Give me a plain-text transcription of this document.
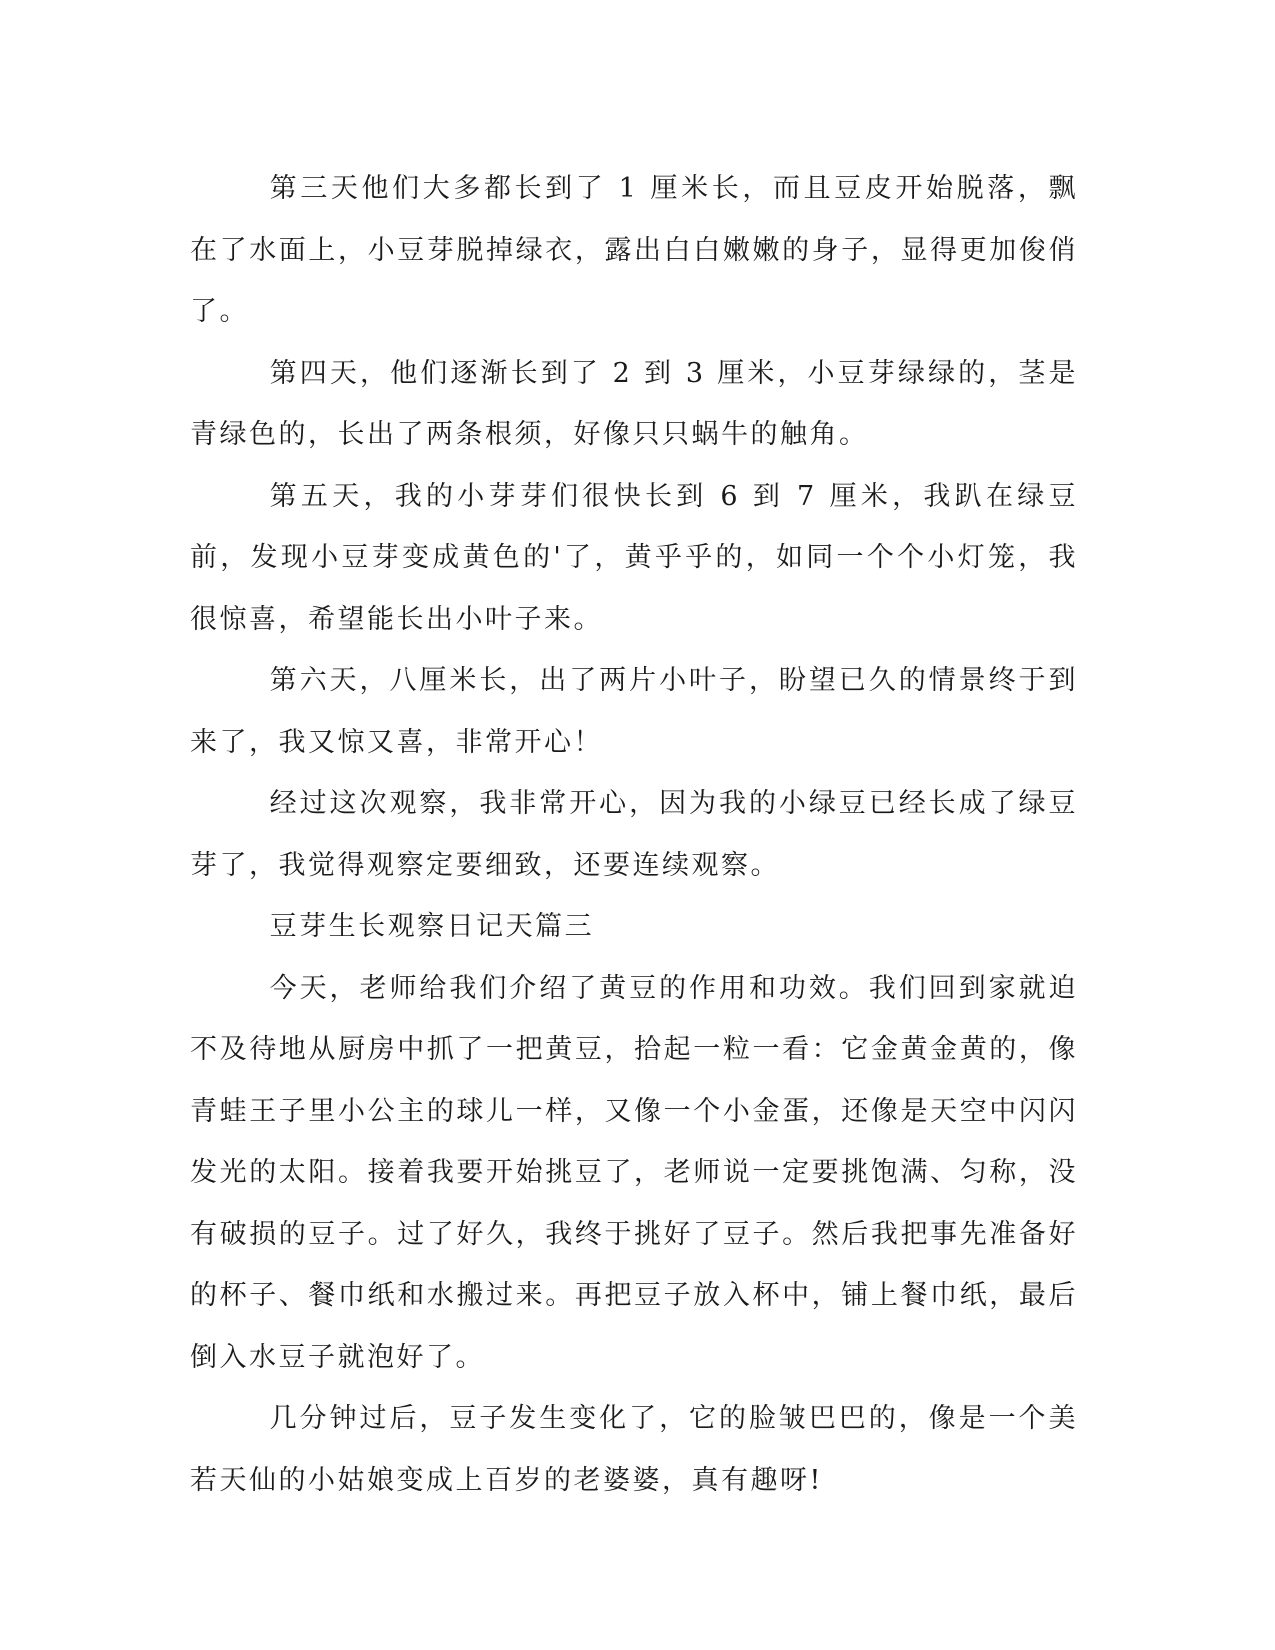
第三天他们大多都长到了 1 厘米长，而且豆皮开始脱落，飘在了水面上，小豆芽脱掉绿衣，露出白白嫩嫩的身子，显得更加俊俏了。

第四天，他们逐渐长到了 2 到 3 厘米，小豆芽绿绿的，茎是青绿色的，长出了两条根须，好像只只蜗牛的触角。

第五天，我的小芽芽们很快长到 6 到 7 厘米，我趴在绿豆前，发现小豆芽变成黄色的'了，黄乎乎的，如同一个个小灯笼，我很惊喜，希望能长出小叶子来。

第六天，八厘米长，出了两片小叶子，盼望已久的情景终于到来了，我又惊又喜，非常开心！

经过这次观察，我非常开心，因为我的小绿豆已经长成了绿豆芽了，我觉得观察定要细致，还要连续观察。

豆芽生长观察日记天篇三

今天，老师给我们介绍了黄豆的作用和功效。我们回到家就迫不及待地从厨房中抓了一把黄豆，拾起一粒一看：它金黄金黄的，像青蛙王子里小公主的球儿一样，又像一个小金蛋，还像是天空中闪闪发光的太阳。接着我要开始挑豆了，老师说一定要挑饱满、匀称，没有破损的豆子。过了好久，我终于挑好了豆子。然后我把事先准备好的杯子、餐巾纸和水搬过来。再把豆子放入杯中，铺上餐巾纸，最后倒入水豆子就泡好了。

几分钟过后，豆子发生变化了，它的脸皱巴巴的，像是一个美若天仙的小姑娘变成上百岁的老婆婆，真有趣呀!
